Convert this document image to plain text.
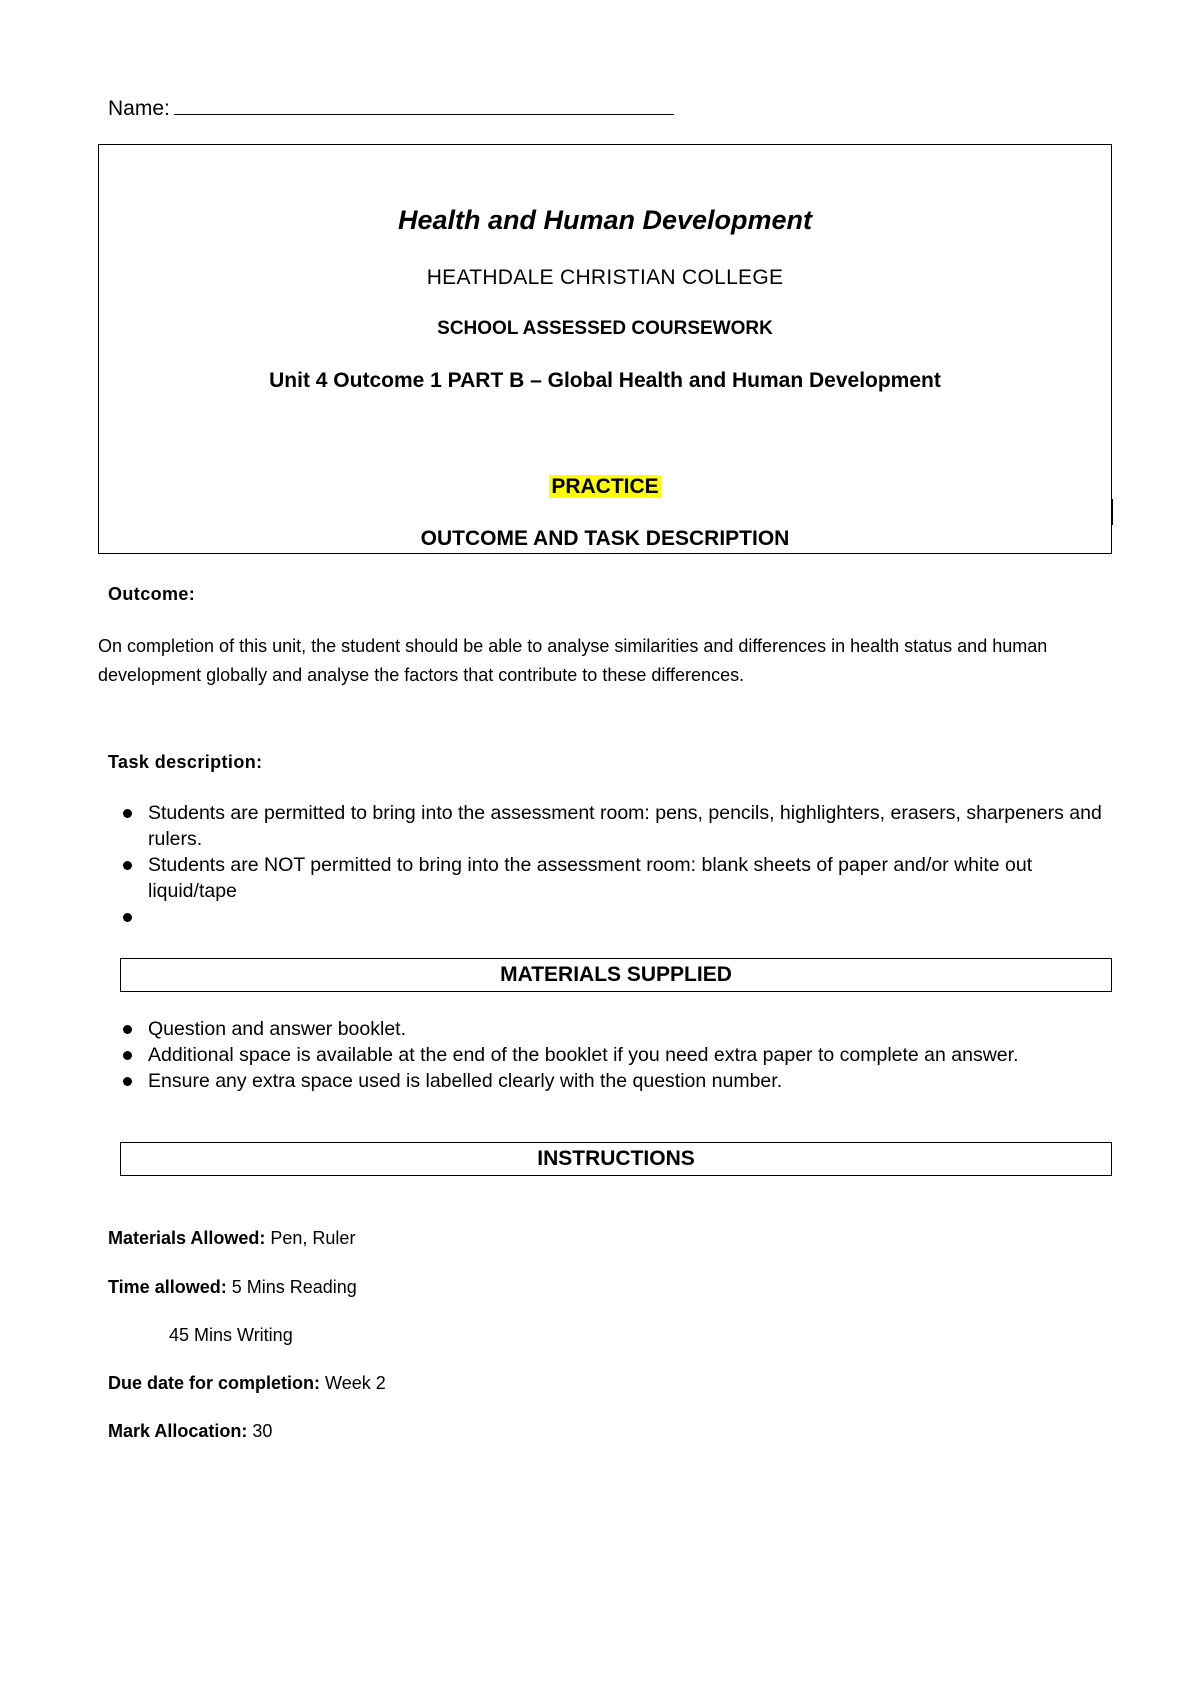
Name:
Health and Human Development
HEATHDALE CHRISTIAN COLLEGE
SCHOOL ASSESSED COURSEWORK
Unit 4 Outcome 1 PART B – Global Health and Human Development
PRACTICE
OUTCOME AND TASK DESCRIPTION
Outcome:
On completion of this unit, the student should be able to analyse similarities and differences in health status and human development globally and analyse the factors that contribute to these differences.
Task description:
Students are permitted to bring into the assessment room: pens, pencils, highlighters, erasers, sharpeners and rulers.
Students are NOT permitted to bring into the assessment room: blank sheets of paper and/or white out liquid/tape
MATERIALS SUPPLIED
Question and answer booklet.
Additional space is available at the end of the booklet if you need extra paper to complete an answer.
Ensure any extra space used is labelled clearly with the question number.
INSTRUCTIONS
Materials Allowed: Pen, Ruler
Time allowed: 5 Mins Reading
45 Mins Writing
Due date for completion: Week 2
Mark Allocation: 30
